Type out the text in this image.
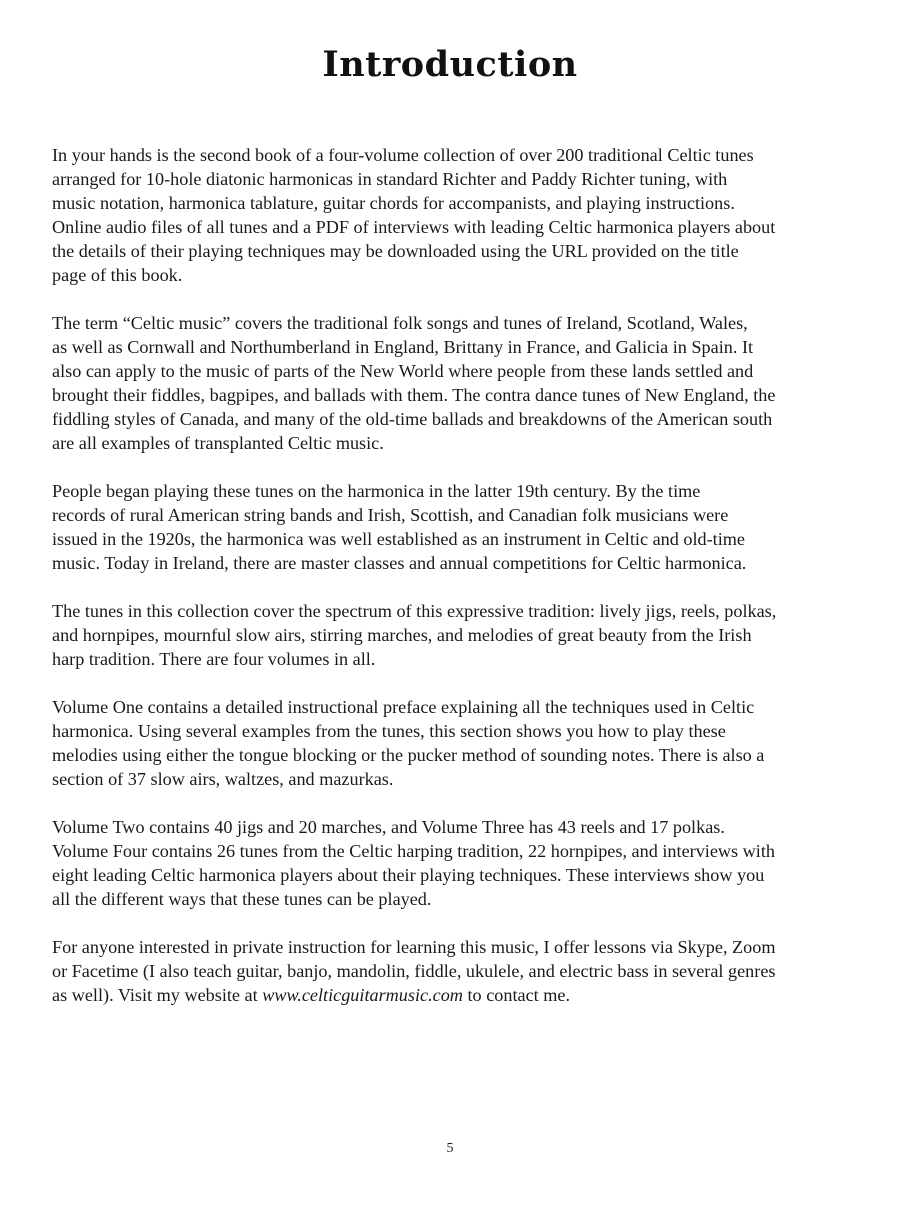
Introduction

In your hands is the second book of a four-volume collection of over 200 traditional Celtic tunes
arranged for 10-hole diatonic harmonicas in standard Richter and Paddy Richter tuning, with
music notation, harmonica tablature, guitar chords for accompanists, and playing instructions.
Online audio files of all tunes and a PDF of interviews with leading Celtic harmonica players about
the details of their playing techniques may be downloaded using the URL provided on the title
page of this book.

The term “Celtic music” covers the traditional folk songs and tunes of Ireland, Scotland, Wales,
as well as Cornwall and Northumberland in England, Brittany in France, and Galicia in Spain. It
also can apply to the music of parts of the New World where people from these lands settled and
brought their fiddles, bagpipes, and ballads with them. The contra dance tunes of New England, the
fiddling styles of Canada, and many of the old-time ballads and breakdowns of the American south
are all examples of transplanted Celtic music.

People began playing these tunes on the harmonica in the latter 19th century. By the time
records of rural American string bands and Irish, Scottish, and Canadian folk musicians were
issued in the 1920s, the harmonica was well established as an instrument in Celtic and old-time
music. Today in Ireland, there are master classes and annual competitions for Celtic harmonica.

The tunes in this collection cover the spectrum of this expressive tradition: lively jigs, reels, polkas,
and hornpipes, mournful slow airs, stirring marches, and melodies of great beauty from the Irish
harp tradition. There are four volumes in all.

Volume One contains a detailed instructional preface explaining all the techniques used in Celtic
harmonica. Using several examples from the tunes, this section shows you how to play these
melodies using either the tongue blocking or the pucker method of sounding notes. There is also a
section of 37 slow airs, waltzes, and mazurkas.

Volume Two contains 40 jigs and 20 marches, and Volume Three has 43 reels and 17 polkas.
Volume Four contains 26 tunes from the Celtic harping tradition, 22 hornpipes, and interviews with
eight leading Celtic harmonica players about their playing techniques. These interviews show you
all the different ways that these tunes can be played.

For anyone interested in private instruction for learning this music, I offer lessons via Skype, Zoom
or Facetime (I also teach guitar, banjo, mandolin, fiddle, ukulele, and electric bass in several genres
as well). Visit my website at www.celticguitarmusic.com to contact me.

5
